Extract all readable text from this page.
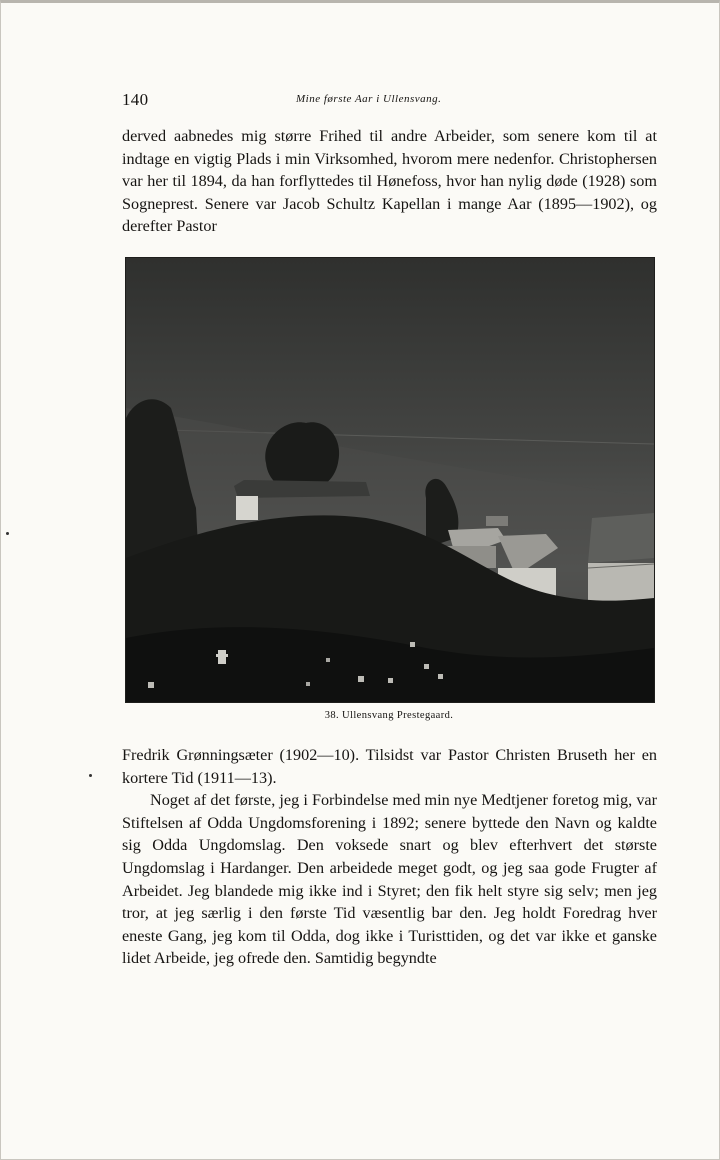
140	Mine første Aar i Ullensvang.

derved aabnedes mig større Frihed til andre Arbeider, som senere kom til at indtage en vigtig Plads i min Virksomhed, hvorom mere nedenfor. Christophersen var her til 1894, da han forflyttedes til Hønefoss, hvor han nylig døde (1928) som Sogneprest. Senere var Jacob Schultz Kapellan i mange Aar (1895—1902), og derefter Pastor

38. Ullensvang Prestegaard.

Fredrik Grønningsæter (1902—10). Tilsidst var Pastor Christen Bruseth her en kortere Tid (1911—13).

Noget af det første, jeg i Forbindelse med min nye Medtjener foretog mig, var Stiftelsen af Odda Ungdomsforening i 1892; senere byttede den Navn og kaldte sig Odda Ungdomslag. Den voksede snart og blev efterhvert det største Ungdomslag i Hardanger. Den arbeidede meget godt, og jeg saa gode Frugter af Arbeidet. Jeg blandede mig ikke ind i Styret; den fik helt styre sig selv; men jeg tror, at jeg særlig i den første Tid væsentlig bar den. Jeg holdt Foredrag hver eneste Gang, jeg kom til Odda, dog ikke i Turisttiden, og det var ikke et ganske lidet Arbeide, jeg ofrede den. Samtidig begyndte
